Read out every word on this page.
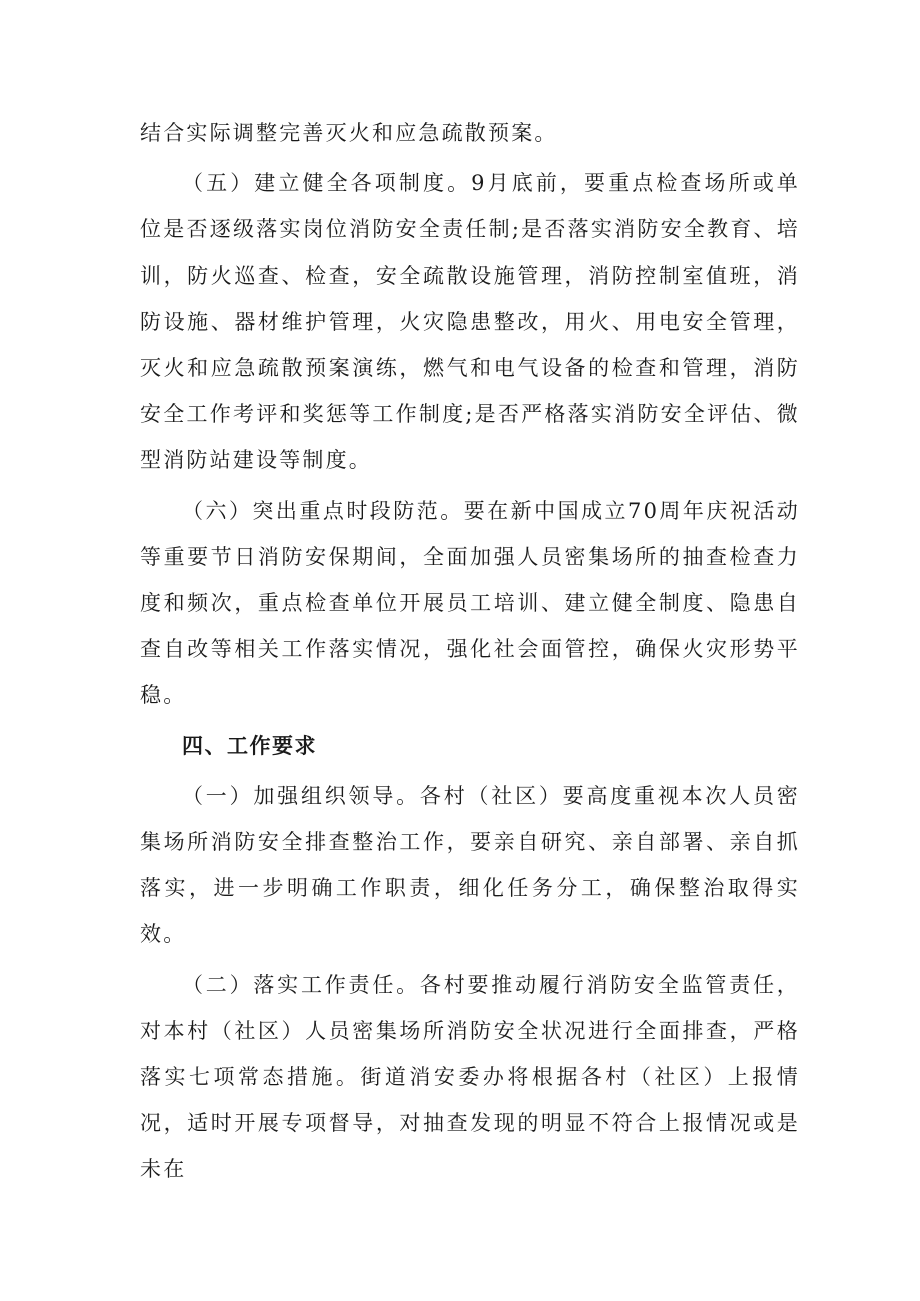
结合实际调整完善灭火和应急疏散预案。

（五）建立健全各项制度。9月底前，要重点检查场所或单位是否逐级落实岗位消防安全责任制;是否落实消防安全教育、培训，防火巡查、检查，安全疏散设施管理，消防控制室值班，消防设施、器材维护管理，火灾隐患整改，用火、用电安全管理，灭火和应急疏散预案演练，燃气和电气设备的检查和管理，消防安全工作考评和奖惩等工作制度;是否严格落实消防安全评估、微型消防站建设等制度。

（六）突出重点时段防范。要在新中国成立70周年庆祝活动等重要节日消防安保期间，全面加强人员密集场所的抽查检查力度和频次，重点检查单位开展员工培训、建立健全制度、隐患自查自改等相关工作落实情况，强化社会面管控，确保火灾形势平稳。

四、工作要求

（一）加强组织领导。各村（社区）要高度重视本次人员密集场所消防安全排查整治工作，要亲自研究、亲自部署、亲自抓落实，进一步明确工作职责，细化任务分工，确保整治取得实效。

（二）落实工作责任。各村要推动履行消防安全监管责任，对本村（社区）人员密集场所消防安全状况进行全面排查，严格落实七项常态措施。街道消安委办将根据各村（社区）上报情况，适时开展专项督导，对抽查发现的明显不符合上报情况或是未在
